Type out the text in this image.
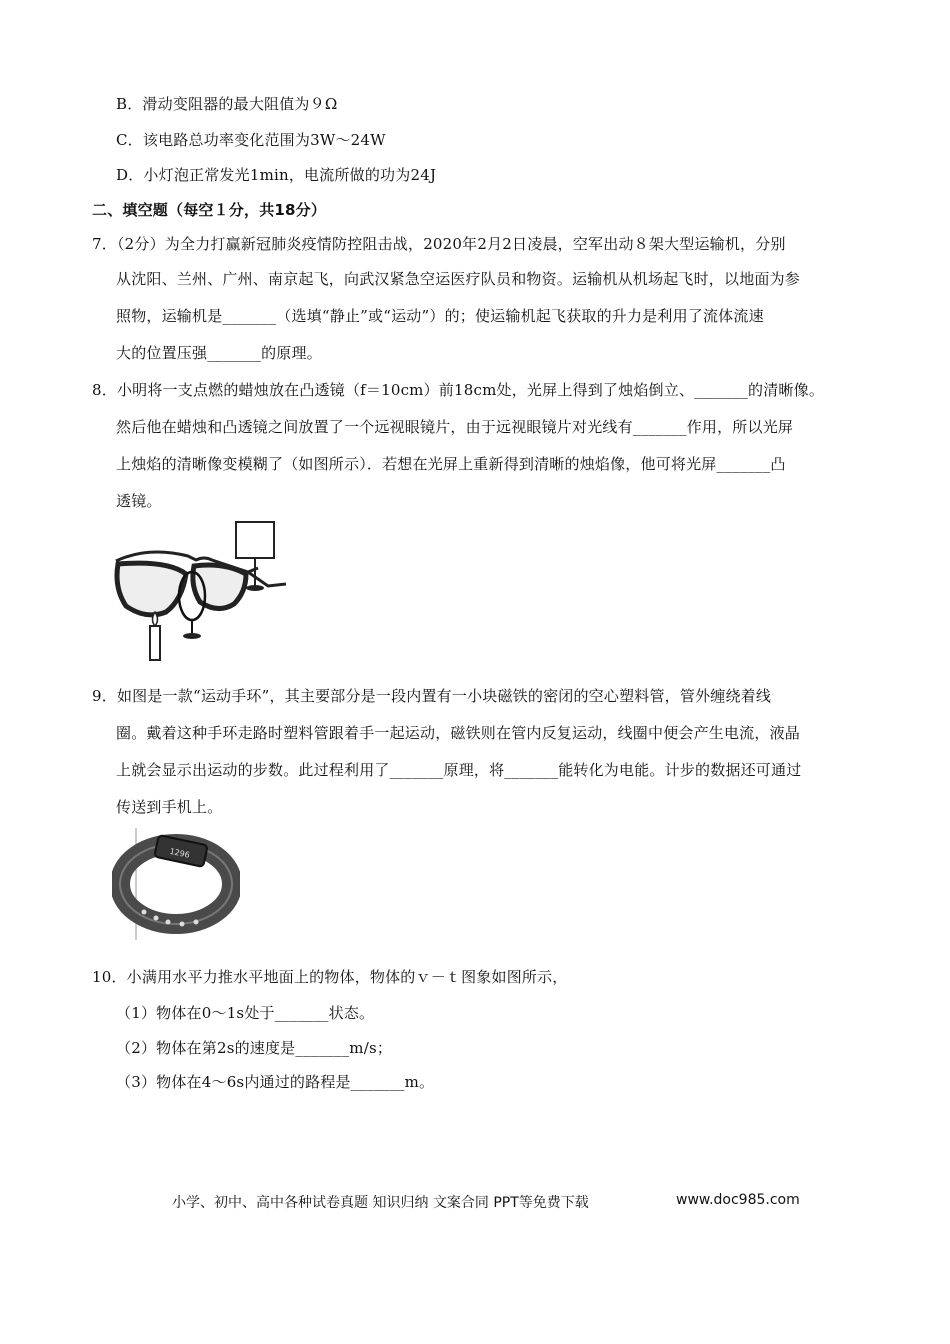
B．滑动变阻器的最大阻值为９Ω
C．该电路总功率变化范围为3W～24W
D．小灯泡正常发光1min，电流所做的功为24J
二、填空题（每空１分，共18分）
7．（2分）为全力打赢新冠肺炎疫情防控阻击战，2020年2月2日凌晨，空军出动８架大型运输机，分别
从沈阳、兰州、广州、南京起飞，向武汉紧急空运医疗队员和物资。运输机从机场起飞时，以地面为参
照物，运输机是_______（选填“静止”或“运动”）的；使运输机起飞获取的升力是利用了流体流速
大的位置压强_______的原理。
8．小明将一支点燃的蜡烛放在凸透镜（f＝10cm）前18cm处，光屏上得到了烛焰倒立、_______的清晰像。
然后他在蜡烛和凸透镜之间放置了一个远视眼镜片，由于远视眼镜片对光线有_______作用，所以光屏
上烛焰的清晰像变模糊了（如图所示）．若想在光屏上重新得到清晰的烛焰像，他可将光屏_______凸
透镜。
9．如图是一款“运动手环”，其主要部分是一段内置有一小块磁铁的密闭的空心塑料管，管外缠绕着线
圈。戴着这种手环走路时塑料管跟着手一起运动，磁铁则在管内反复运动，线圈中便会产生电流，液晶
上就会显示出运动的步数。此过程利用了_______原理，将_______能转化为电能。计步的数据还可通过
传送到手机上。
1296
10．小满用水平力推水平地面上的物体，物体的ｖ－ｔ图象如图所示，
（1）物体在0～1s处于_______状态。
（2）物体在第2s的速度是_______m/s；
（3）物体在4～6s内通过的路程是_______m。
小学、初中、高中各种试卷真题 知识归纳 文案合同 PPT等免费下载	www.doc985.com
